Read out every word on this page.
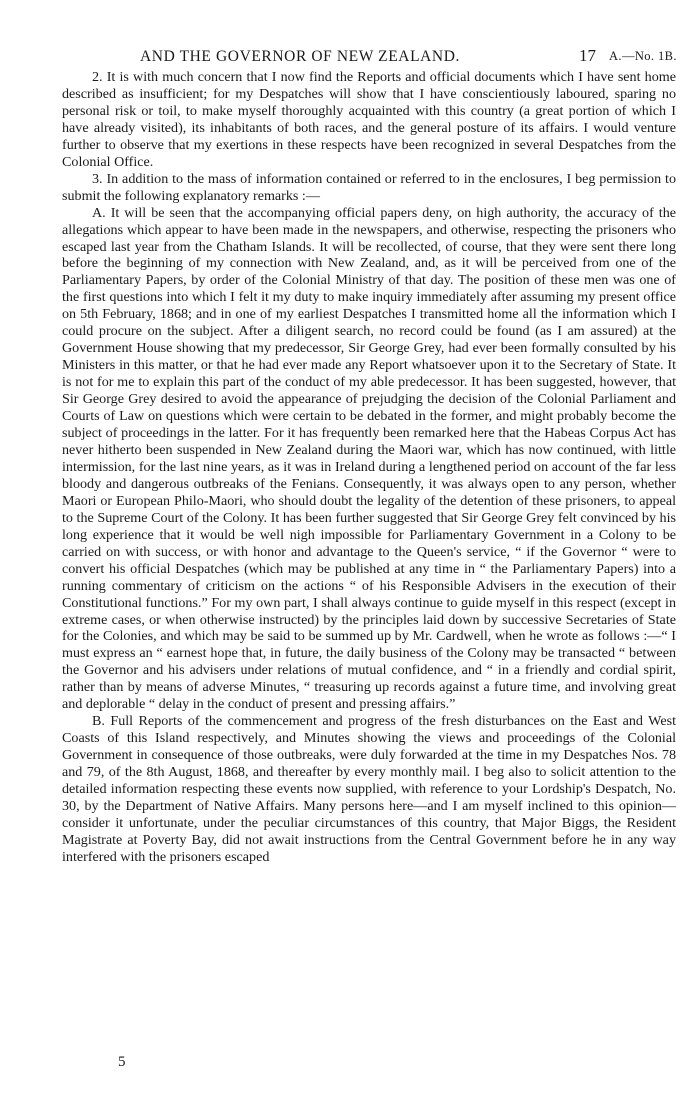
AND THE GOVERNOR OF NEW ZEALAND.	17 A.—No. 1B.

2. It is with much concern that I now find the Reports and official documents which I have sent home described as insufficient; for my Despatches will show that I have conscientiously laboured, sparing no personal risk or toil, to make myself thoroughly acquainted with this country (a great portion of which I have already visited), its inhabitants of both races, and the general posture of its affairs. I would venture further to observe that my exertions in these respects have been recognized in several Despatches from the Colonial Office.

3. In addition to the mass of information contained or referred to in the enclosures, I beg permission to submit the following explanatory remarks :—

A. It will be seen that the accompanying official papers deny, on high authority, the accuracy of the allegations which appear to have been made in the newspapers, and otherwise, respecting the prisoners who escaped last year from the Chatham Islands. It will be recollected, of course, that they were sent there long before the beginning of my connection with New Zealand, and, as it will be perceived from one of the Parliamentary Papers, by order of the Colonial Ministry of that day. The position of these men was one of the first questions into which I felt it my duty to make inquiry immediately after assuming my present office on 5th February, 1868; and in one of my earliest Despatches I transmitted home all the information which I could procure on the subject. After a diligent search, no record could be found (as I am assured) at the Government House showing that my predecessor, Sir George Grey, had ever been formally consulted by his Ministers in this matter, or that he had ever made any Report whatsoever upon it to the Secretary of State. It is not for me to explain this part of the conduct of my able predecessor. It has been suggested, however, that Sir George Grey desired to avoid the appearance of prejudging the decision of the Colonial Parliament and Courts of Law on questions which were certain to be debated in the former, and might probably become the subject of proceedings in the latter. For it has frequently been remarked here that the Habeas Corpus Act has never hitherto been suspended in New Zealand during the Maori war, which has now continued, with little intermission, for the last nine years, as it was in Ireland during a lengthened period on account of the far less bloody and dangerous outbreaks of the Fenians. Consequently, it was always open to any person, whether Maori or European Philo-Maori, who should doubt the legality of the detention of these prisoners, to appeal to the Supreme Court of the Colony. It has been further suggested that Sir George Grey felt convinced by his long experience that it would be well nigh impossible for Parliamentary Government in a Colony to be carried on with success, or with honor and advantage to the Queen's service, “ if the Governor “ were to convert his official Despatches (which may be published at any time in “ the Parliamentary Papers) into a running commentary of criticism on the actions “ of his Responsible Advisers in the execution of their Constitutional functions.” For my own part, I shall always continue to guide myself in this respect (except in extreme cases, or when otherwise instructed) by the principles laid down by successive Secretaries of State for the Colonies, and which may be said to be summed up by Mr. Cardwell, when he wrote as follows :—“ I must express an “ earnest hope that, in future, the daily business of the Colony may be transacted “ between the Governor and his advisers under relations of mutual confidence, and “ in a friendly and cordial spirit, rather than by means of adverse Minutes, “ treasuring up records against a future time, and involving great and deplorable “ delay in the conduct of present and pressing affairs.”

B. Full Reports of the commencement and progress of the fresh disturbances on the East and West Coasts of this Island respectively, and Minutes showing the views and proceedings of the Colonial Government in consequence of those outbreaks, were duly forwarded at the time in my Despatches Nos. 78 and 79, of the 8th August, 1868, and thereafter by every monthly mail. I beg also to solicit attention to the detailed information respecting these events now supplied, with reference to your Lordship's Despatch, No. 30, by the Department of Native Affairs. Many persons here—and I am myself inclined to this opinion—consider it unfortunate, under the peculiar circumstances of this country, that Major Biggs, the Resident Magistrate at Poverty Bay, did not await instructions from the Central Government before he in any way interfered with the prisoners escaped

5
